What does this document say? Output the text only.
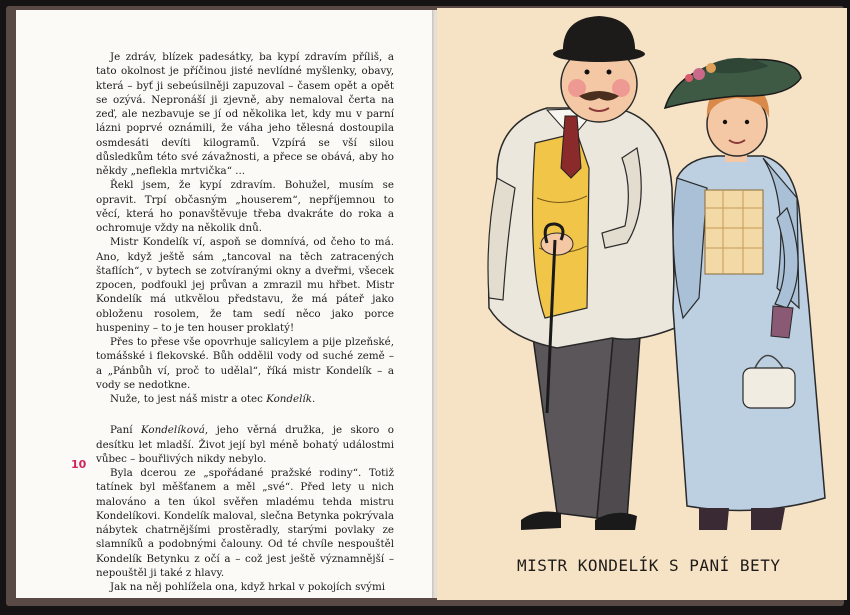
Je zdráv, blízek padesátky, ba kypí zdravím příliš, a tato okolnost je příčinou jisté nevlídné myšlenky, obavy, která – byť ji sebeúsilněji zapuzoval – časem opět a opět se ozývá. Nepronáší ji zjevně, aby nemaloval čerta na zeď, ale nezbavuje se jí od několika let, kdy mu v parní lázni poprvé oznámili, že váha jeho tělesná dostoupila osmdesáti devíti kilogramů. Vzpírá se vší silou důsledkům této své závažnosti, a přece se obává, aby ho někdy „neflekla mrtvička“ ...

Řekl jsem, že kypí zdravím. Bohužel, musím se opravit. Trpí občasným „houserem“, nepříjemnou to věcí, která ho ponavštěvuje třeba dvakráte do roka a ochromuje vždy na několik dnů.

Mistr Kondelík ví, aspoň se domnívá, od čeho to má. Ano, když ještě sám „tancoval na těch zatracených štaflích“, v bytech se zotvíranými okny a dveřmi, všecek zpocen, podfoukl jej průvan a zmrazil mu hřbet. Mistr Kondelík má utkvělou představu, že má páteř jako obloženu rosolem, že tam sedí něco jako porce huspeniny – to je ten houser proklatý!

Přes to přese vše opovrhuje salicylem a pije plzeňské, tomášské i flekovské. Bůh oddělil vody od suché země – a „Pánbůh ví, proč to udělal“, říká mistr Kondelík – a vody se nedotkne.

Nuže, to jest náš mistr a otec Kondelík.

Paní Kondelíková, jeho věrná družka, je skoro o desítku let mladší. Život její byl méně bohatý událostmi vůbec – bouřlivých nikdy nebylo.

Byla dcerou ze „spořádané pražské rodiny“. Totiž tatínek byl měšťanem a měl „své“. Před lety u nich malováno a ten úkol svěřen mladému tehda mistru Kondelíkovi. Kondelík maloval, slečna Betynka pokrývala nábytek chatrnějšími prostěradly, starými povlaky ze slamníků a podobnými čalouny. Od té chvíle nespouštěl Kondelík Betynku z očí a – což jest ještě významnější – nepouštěl ji také z hlavy.

Jak na něj pohlížela ona, když hrkal v pokojích svými

10
MISTR KONDELÍK S PANÍ BETY
